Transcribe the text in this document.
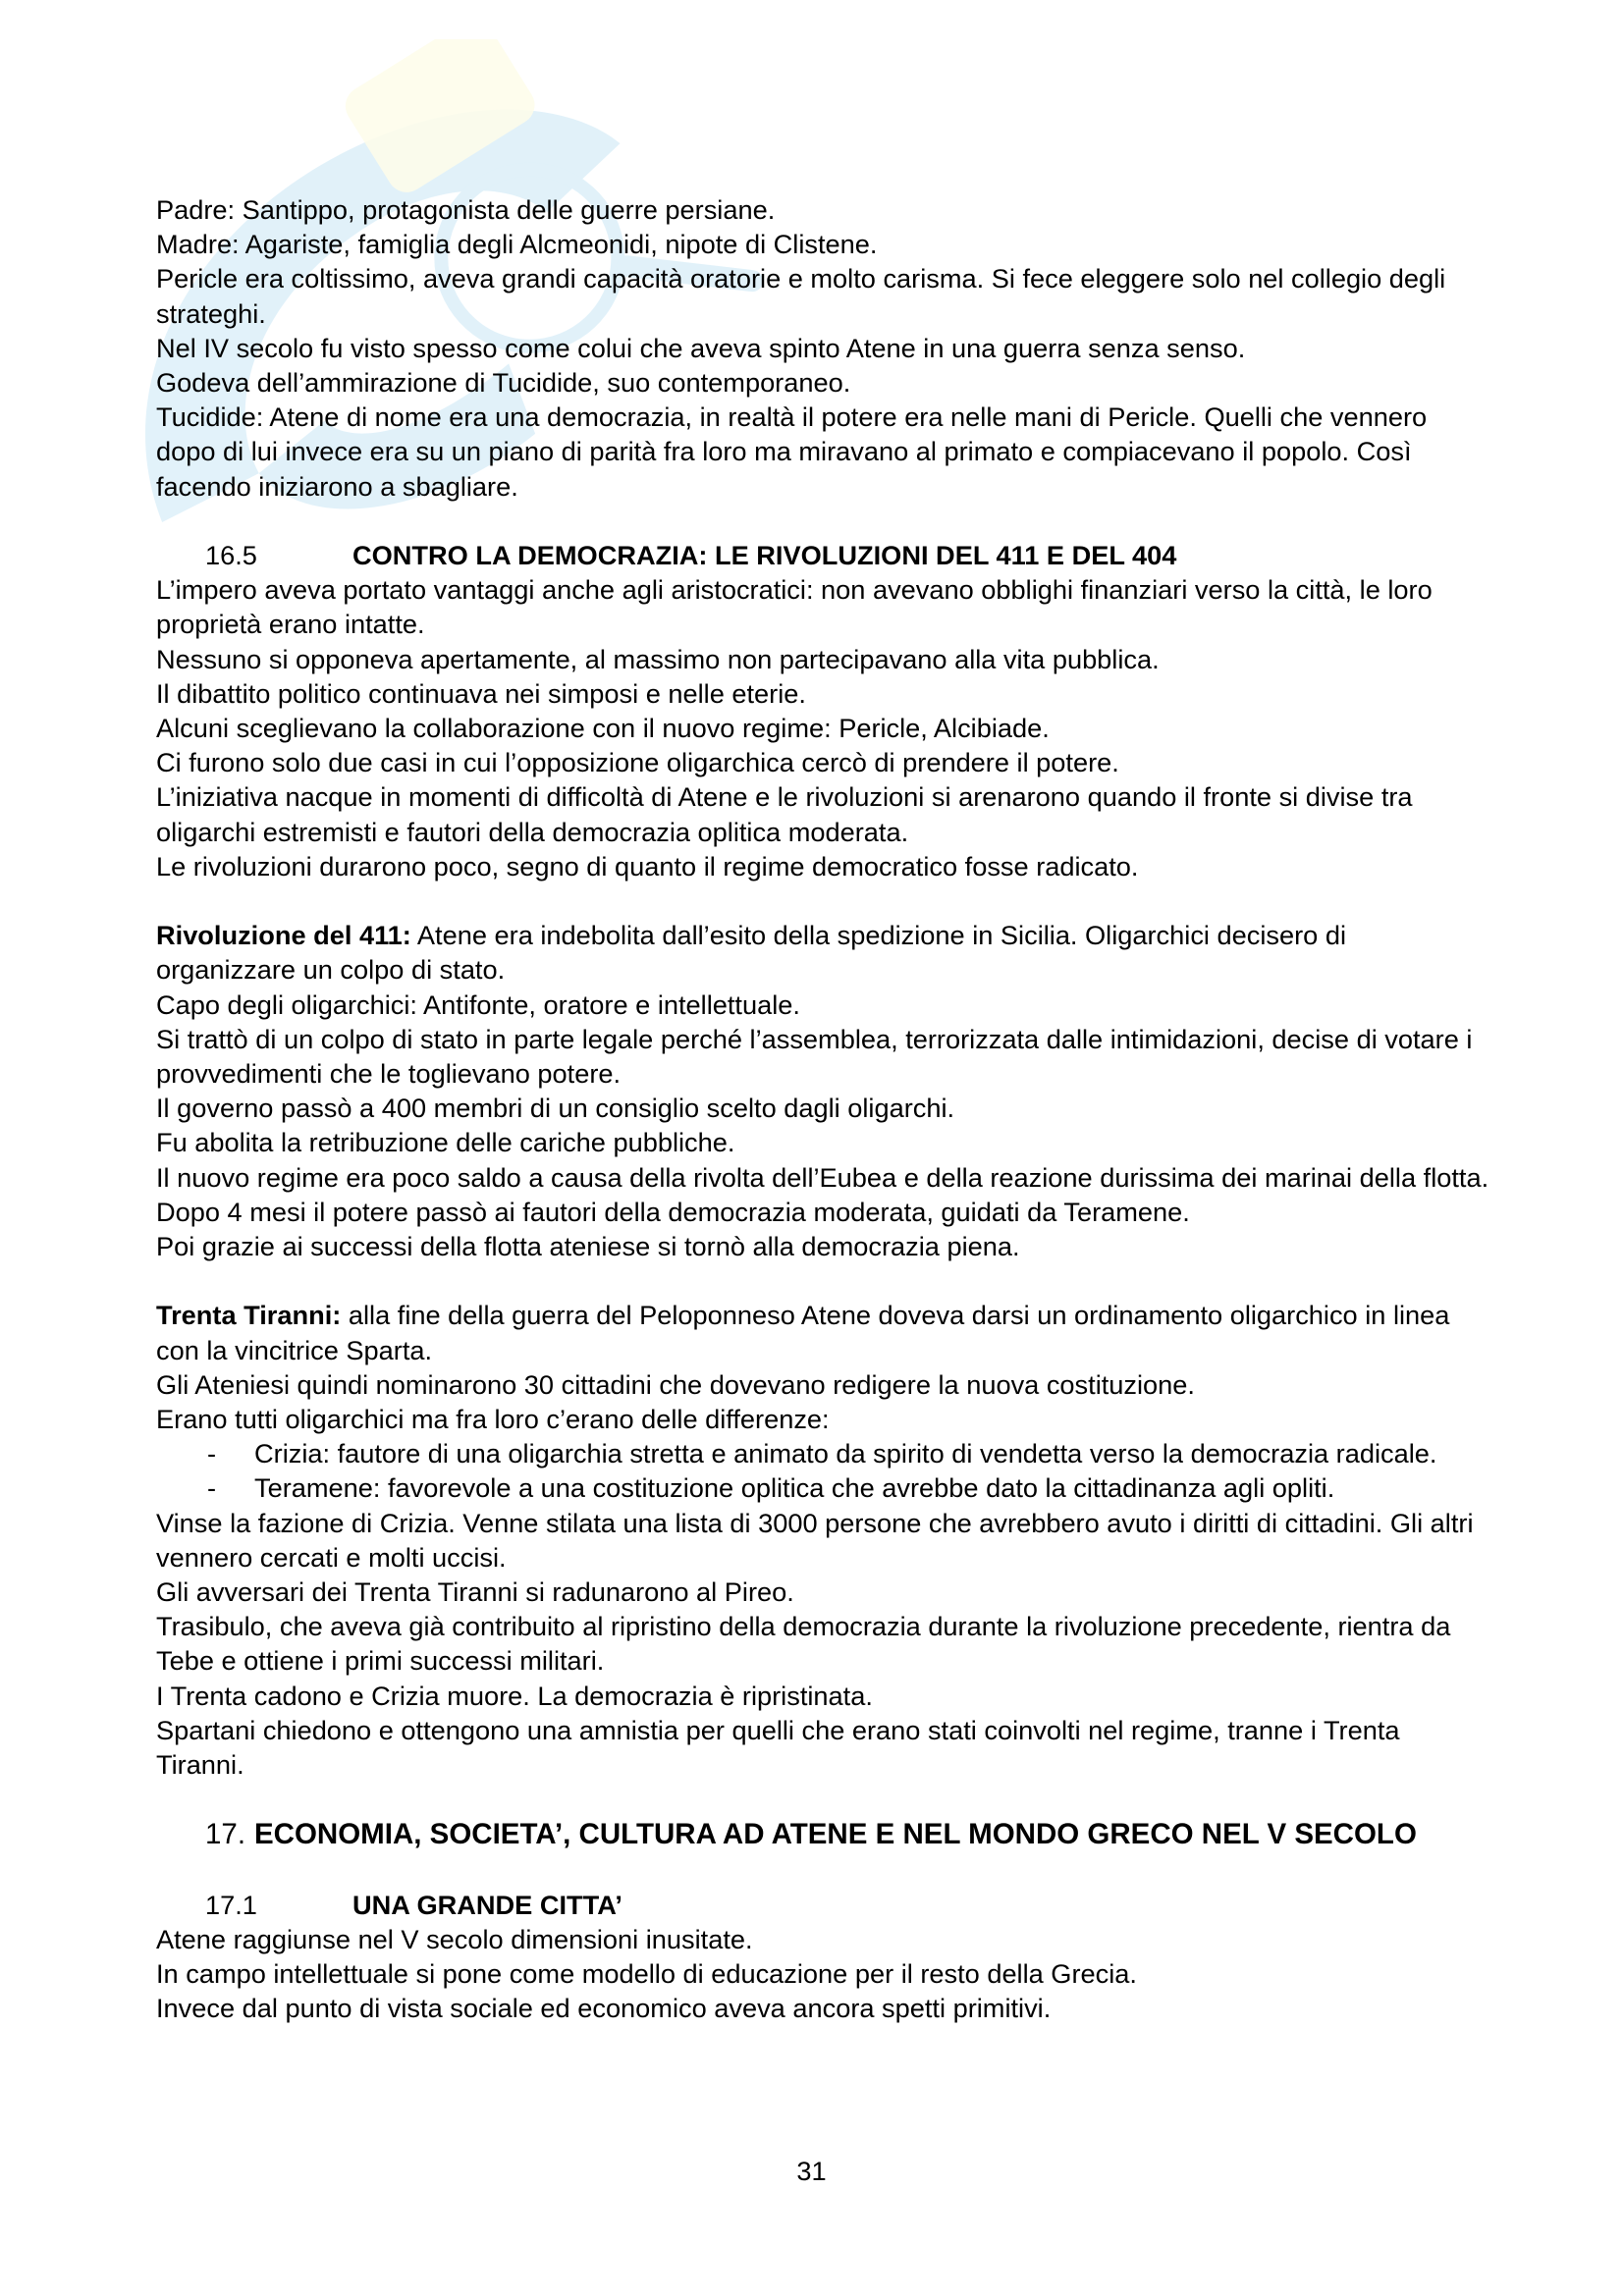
Padre: Santippo, protagonista delle guerre persiane.

Madre: Agariste, famiglia degli Alcmeonidi, nipote di Clistene.

Pericle era coltissimo, aveva grandi capacità oratorie e molto carisma. Si fece eleggere solo nel collegio degli strateghi.

Nel IV secolo fu visto spesso come colui che aveva spinto Atene in una guerra senza senso.

Godeva dell’ammirazione di Tucidide, suo contemporaneo.

Tucidide: Atene di nome era una democrazia, in realtà il potere era nelle mani di Pericle. Quelli che vennero dopo di lui invece era su un piano di parità fra loro ma miravano al primato e compiacevano il popolo. Così facendo iniziarono a sbagliare.

16.5	CONTRO LA DEMOCRAZIA: LE RIVOLUZIONI DEL 411 E DEL 404

L’impero aveva portato vantaggi anche agli aristocratici: non avevano obblighi finanziari verso la città, le loro proprietà erano intatte.

Nessuno si opponeva apertamente, al massimo non partecipavano alla vita pubblica.

Il dibattito politico continuava nei simposi e nelle eterie.

Alcuni sceglievano la collaborazione con il nuovo regime: Pericle, Alcibiade.

Ci furono solo due casi in cui l’opposizione oligarchica cercò di prendere il potere.

L’iniziativa nacque in momenti di difficoltà di Atene e le rivoluzioni si arenarono quando il fronte si divise tra oligarchi estremisti e fautori della democrazia oplitica moderata.

Le rivoluzioni durarono poco, segno di quanto il regime democratico fosse radicato.

Rivoluzione del 411: Atene era indebolita dall’esito della spedizione in Sicilia. Oligarchici decisero di organizzare un colpo di stato.

Capo degli oligarchici: Antifonte, oratore e intellettuale.

Si trattò di un colpo di stato in parte legale perché l’assemblea, terrorizzata dalle intimidazioni, decise di votare i provvedimenti che le toglievano potere.

Il governo passò a 400 membri di un consiglio scelto dagli oligarchi.

Fu abolita la retribuzione delle cariche pubbliche.

Il nuovo regime era poco saldo a causa della rivolta dell’Eubea e della reazione durissima dei marinai della flotta.

Dopo 4 mesi il potere passò ai fautori della democrazia moderata, guidati da Teramene.

Poi grazie ai successi della flotta ateniese si tornò alla democrazia piena.

Trenta Tiranni: alla fine della guerra del Peloponneso Atene doveva darsi un ordinamento oligarchico in linea con la vincitrice Sparta.

Gli Ateniesi quindi nominarono 30 cittadini che dovevano redigere la nuova costituzione.

Erano tutti oligarchici ma fra loro c’erano delle differenze:

-	Crizia: fautore di una oligarchia stretta e animato da spirito di vendetta verso la democrazia radicale.
-	Teramene: favorevole a una costituzione oplitica che avrebbe dato la cittadinanza agli opliti.

Vinse la fazione di Crizia. Venne stilata una lista di 3000 persone che avrebbero avuto i diritti di cittadini. Gli altri vennero cercati e molti uccisi.

Gli avversari dei Trenta Tiranni si radunarono al Pireo.

Trasibulo, che aveva già contribuito al ripristino della democrazia durante la rivoluzione precedente, rientra da Tebe e ottiene i primi successi militari.

I Trenta cadono e Crizia muore. La democrazia è ripristinata.

Spartani chiedono e ottengono una amnistia per quelli che erano stati coinvolti nel regime, tranne i Trenta Tiranni.

17. ECONOMIA, SOCIETA’, CULTURA AD ATENE E NEL MONDO GRECO NEL V SECOLO
17.1	UNA GRANDE CITTA’

Atene raggiunse nel V secolo dimensioni inusitate.

In campo intellettuale si pone come modello di educazione per il resto della Grecia.

Invece dal punto di vista sociale ed economico aveva ancora spetti primitivi.

31
